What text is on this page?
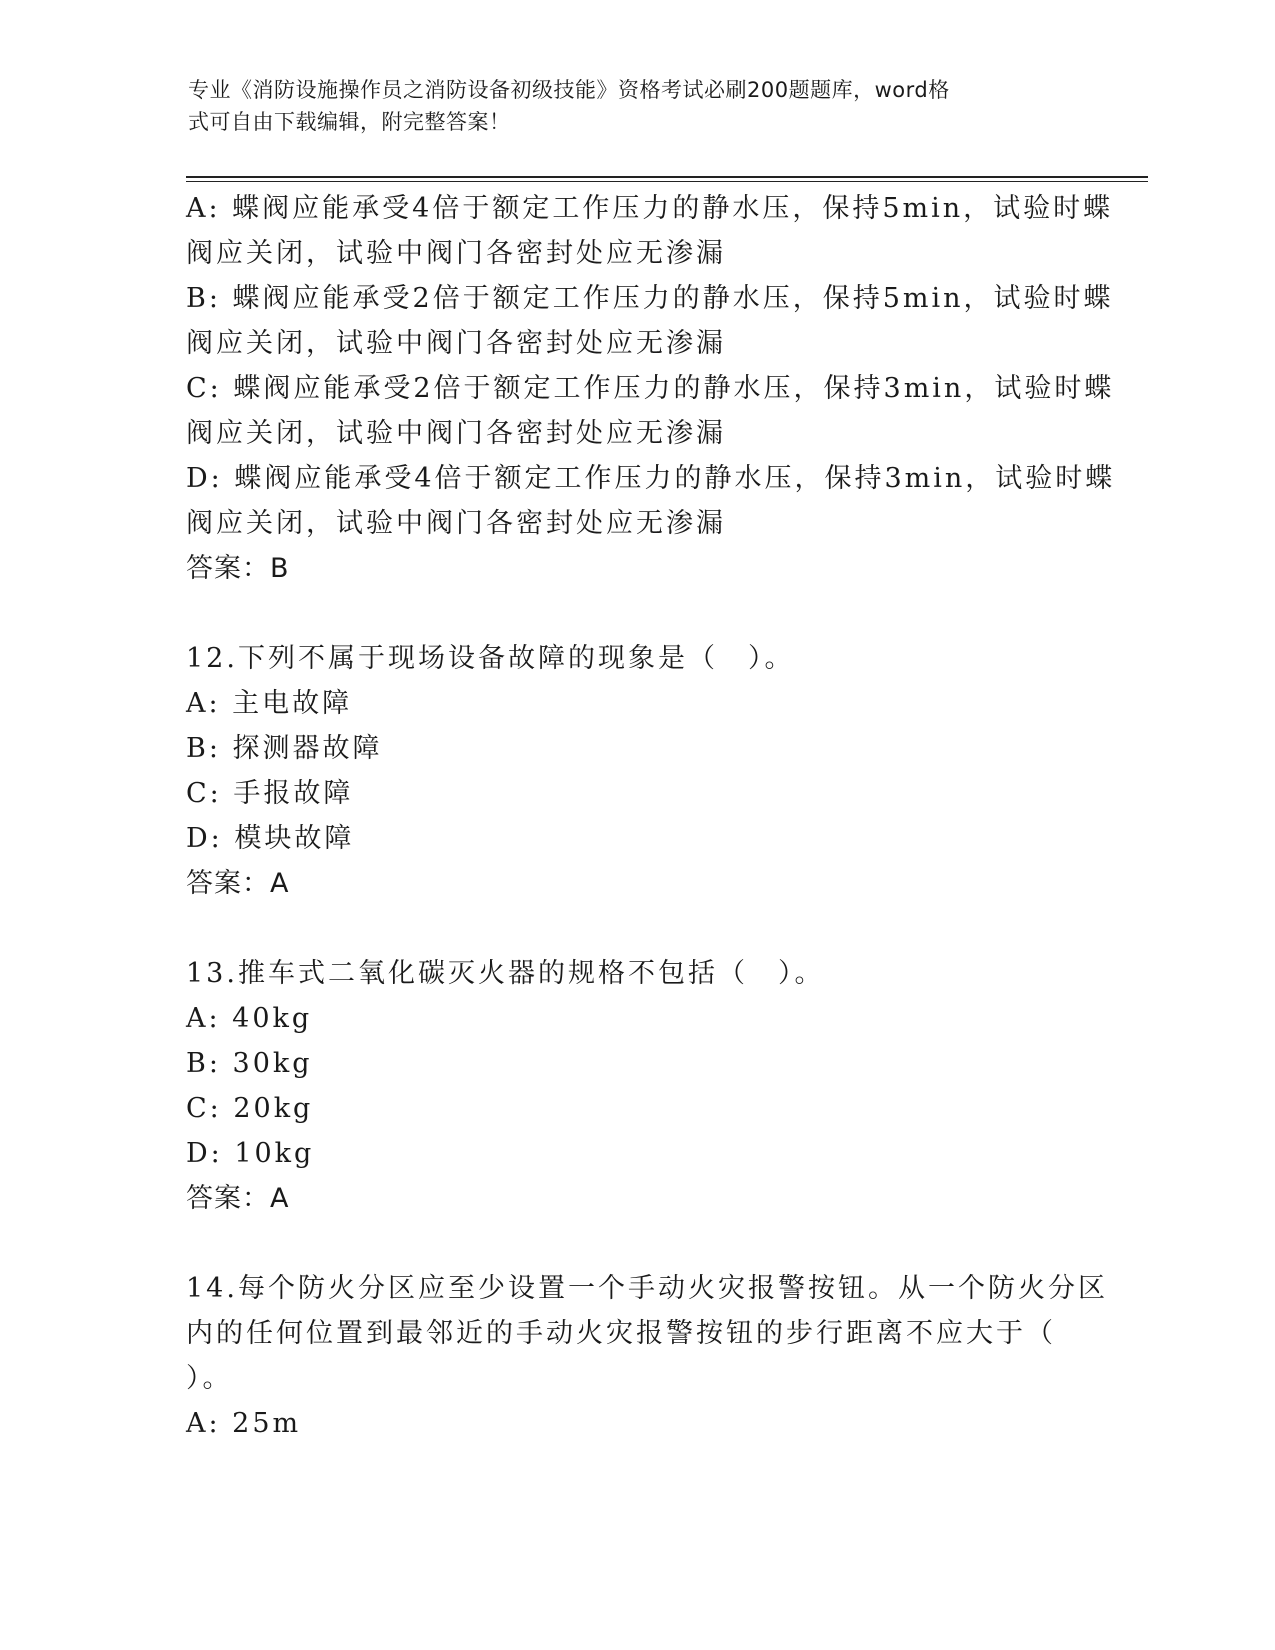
专业《消防设施操作员之消防设备初级技能》资格考试必刷200题题库，word格
式可自由下载编辑，附完整答案！
A: 蝶阀应能承受4倍于额定工作压力的静水压，保持5min，试验时蝶
阀应关闭，试验中阀门各密封处应无渗漏
B: 蝶阀应能承受2倍于额定工作压力的静水压，保持5min，试验时蝶
阀应关闭，试验中阀门各密封处应无渗漏
C: 蝶阀应能承受2倍于额定工作压力的静水压，保持3min，试验时蝶
阀应关闭，试验中阀门各密封处应无渗漏
D: 蝶阀应能承受4倍于额定工作压力的静水压，保持3min，试验时蝶
阀应关闭，试验中阀门各密封处应无渗漏
答案：B
12.下列不属于现场设备故障的现象是（　）。
A: 主电故障
B: 探测器故障
C: 手报故障
D: 模块故障
答案：A
13.推车式二氧化碳灭火器的规格不包括（　）。
A: 40kg
B: 30kg
C: 20kg
D: 10kg
答案：A
14.每个防火分区应至少设置一个手动火灾报警按钮。从一个防火分区
内的任何位置到最邻近的手动火灾报警按钮的步行距离不应大于（
）。
A: 25m
